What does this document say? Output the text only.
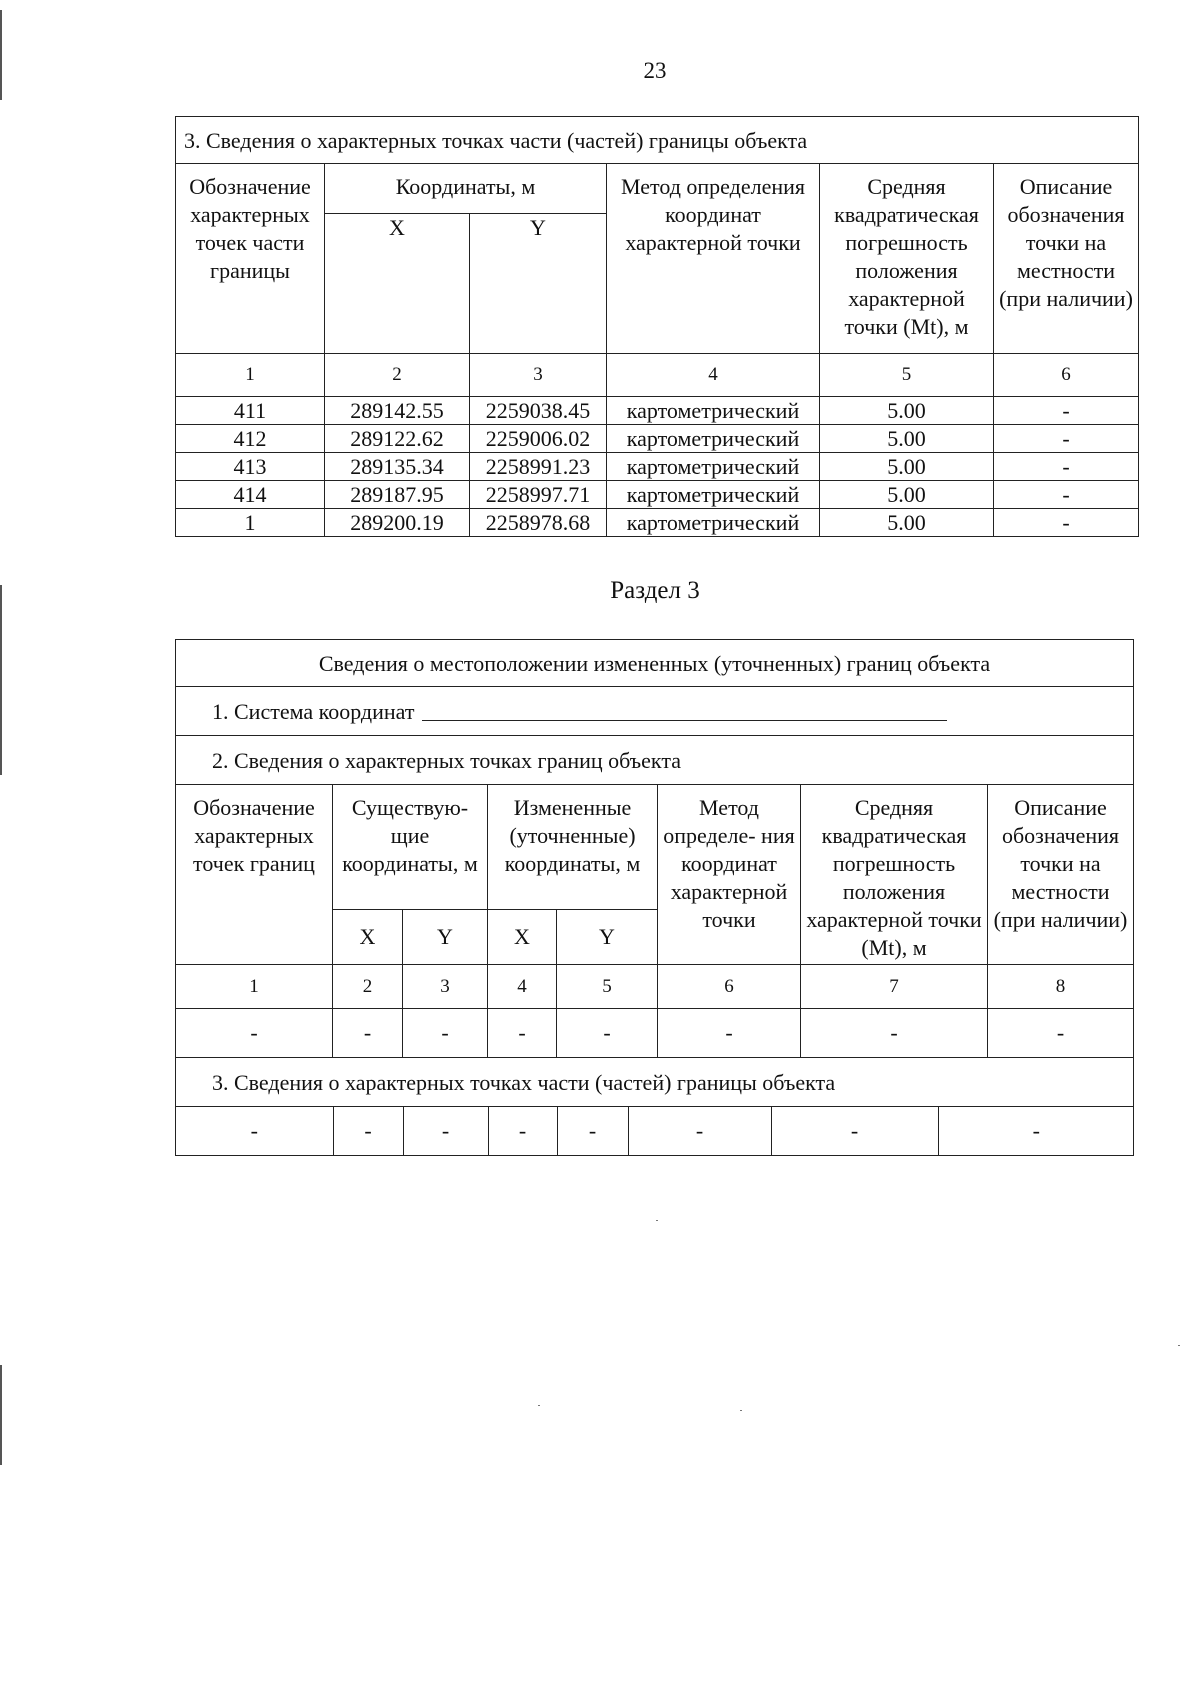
23
3. Сведения о характерных точках части (частей) границы объекта					
Обозначение характерных точек части границы	Координаты, м		Метод определения координат характерной точки	Средняя квадратическая погрешность положения характерной точки (Mt), м	Описание обозначения точки на местности (при наличии)
	X	Y			
1	2	3	4	5	6
411	289142.55	2259038.45	картометрический	5.00	-
412	289122.62	2259006.02	картометрический	5.00	-
413	289135.34	2258991.23	картометрический	5.00	-
414	289187.95	2258997.71	картометрический	5.00	-
1	289200.19	2258978.68	картометрический	5.00	-
Раздел 3
Сведения о местоположении измененных (уточненных) границ объекта
1. Система координат
2. Сведения о характерных точках границ объекта
Обозначение характерных точек границ	Существую- щие координаты, м	Измененные (уточненные) координаты, м	Метод определе- ния координат характерной точки	Средняя квадратическая погрешность положения характерной точки (Mt), м	Описание обозначения точки на местности (при наличии)
X	Y	X	Y
1	2	3	4	5	6	7	8
-	-	-	-	-	-	-	-
3. Сведения о характерных точках части (частей) границы объекта

-	-	-	-	-	-	-	-
